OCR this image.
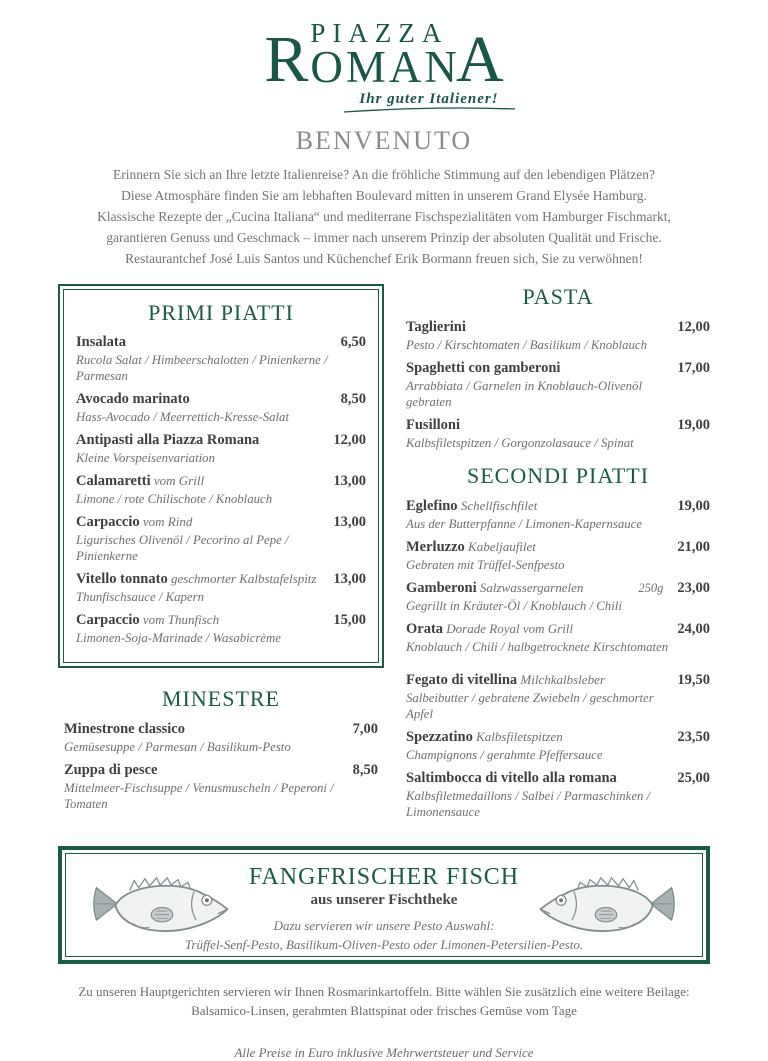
R PIAZZA
OMAN
A
Ihr guter Italiener!
BENVENUTO

Erinnern Sie sich an Ihre letzte Italienreise? An die fröhliche Stimmung auf den lebendigen Plätzen?

Diese Atmosphäre finden Sie am lebhaften Boulevard mitten in unserem Grand Elysée Hamburg.

Klassische Rezepte der „Cucina Italiana“ und mediterrane Fischspezialitäten vom Hamburger Fischmarkt,

garantieren Genuss und Geschmack – immer nach unserem Prinzip der absoluten Qualität und Frische.

Restaurantchef José Luis Santos und Küchenchef Erik Bormann freuen sich, Sie zu verwöhnen!

PRIMI PIATTI
Insalata	6,50
Rucola Salat / Himbeerschalotten / Pinienkerne / Parmesan
Avocado marinato	8,50
Hass-Avocado / Meerrettich-Kresse-Salat
Antipasti alla Piazza Romana	12,00
Kleine Vorspeisenvariation
Calamaretti vom Grill	13,00
Limone / rote Chilischote / Knoblauch
Carpaccio vom Rind	13,00
Ligurisches Olivenöl / Pecorino al Pepe / Pinienkerne
Vitello tonnato geschmorter Kalbstafelspitz	13,00
Thunfischsauce / Kapern
Carpaccio vom Thunfisch	15,00
Limonen-Soja-Marinade / Wasabicrème
MINESTRE
Minestrone classico	7,00
Gemüsesuppe / Parmesan / Basilikum-Pesto
Zuppa di pesce	8,50
Mittelmeer-Fischsuppe / Venusmuscheln / Peperoni / Tomaten
PASTA
Taglierini	12,00
Pesto / Kirschtomaten / Basilikum / Knoblauch
Spaghetti con gamberoni	17,00
Arrabbiata / Garnelen in Knoblauch-Olivenöl gebraten
Fusilloni	19,00
Kalbsfiletspitzen / Gorgonzolasauce / Spinat
SECONDI PIATTI
Eglefino Schellfischfilet	19,00
Aus der Butterpfanne / Limonen-Kapernsauce
Merluzzo Kabeljaufilet	21,00
Gebraten mit Trüffel-Senfpesto
Gamberoni Salzwassergarnelen	250g 23,00
Gegrillt in Kräuter-Öl / Knoblauch / Chili
Orata Dorade Royal vom Grill	24,00
Knoblauch / Chili / halbgetrocknete Kirschtomaten
Fegato di vitellina Milchkalbsleber	19,50
Salbeibutter / gebratene Zwiebeln / geschmorter Apfel
Spezzatino Kalbsfiletspitzen	23,50
Champignons / gerahmte Pfeffersauce
Saltimbocca di vitello alla romana	25,00
Kalbsfiletmedaillons / Salbei / Parmaschinken / Limonensauce
FANGFRISCHER FISCH
aus unserer Fischtheke
Dazu servieren wir unsere Pesto Auswahl:
Trüffel-Senf-Pesto, Basilikum-Oliven-Pesto oder Limonen-Petersilien-Pesto.

Zu unseren Hauptgerichten servieren wir Ihnen Rosmarinkartoffeln. Bitte wählen Sie zusätzlich eine weitere Beilage:

Balsamico-Linsen, gerahmten Blattspinat oder frisches Gemüse vom Tage

Alle Preise in Euro inklusive Mehrwertsteuer und Service
